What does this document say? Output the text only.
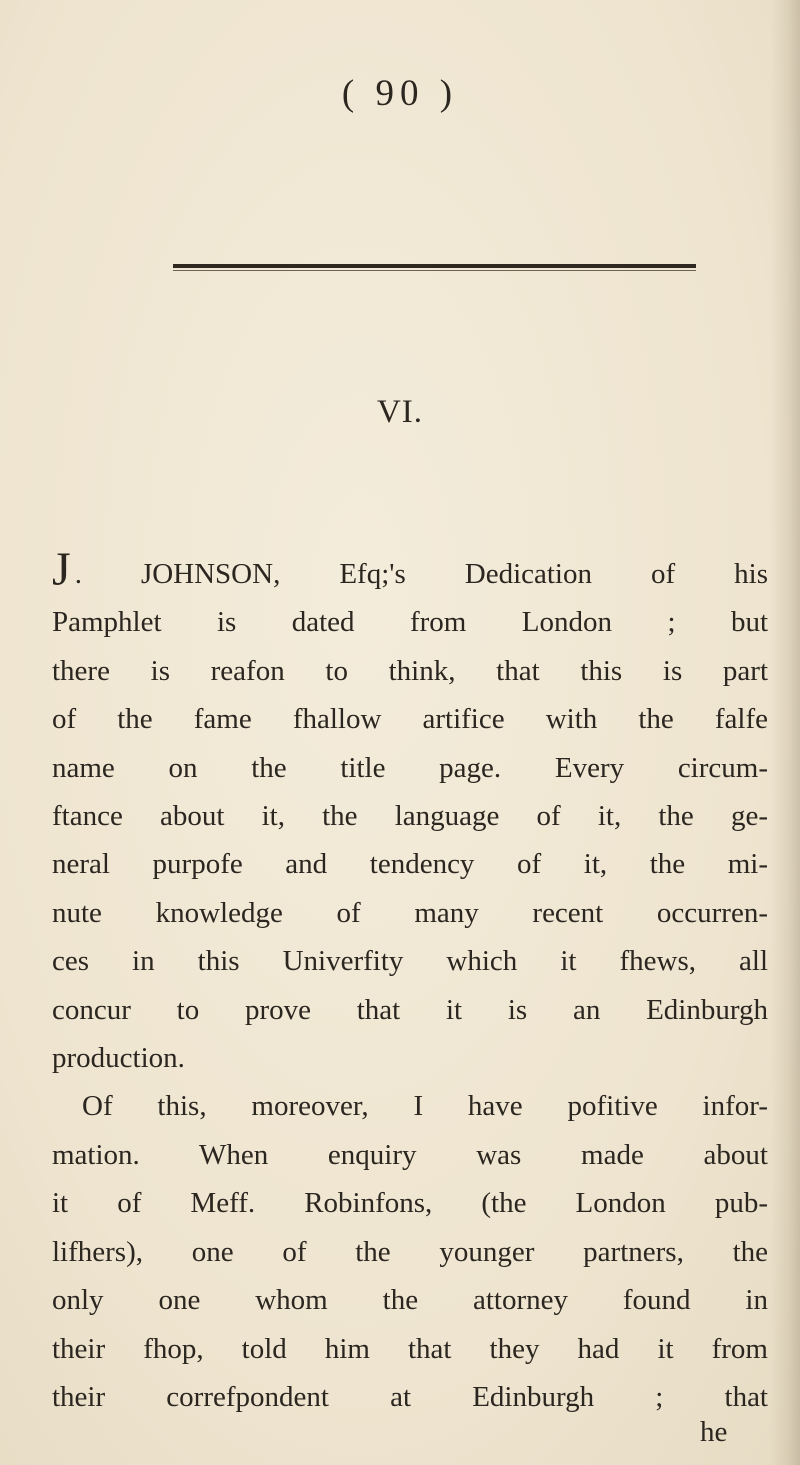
( 90 )
VI.
J . JOHNSON, Efq;'s Dedication of his
Pamphlet is dated from London ; but
there is reafon to think, that this is part
of the fame fhallow artifice with the falfe
name on the title page. Every circum-
ftance about it, the language of it, the ge-
neral purpofe and tendency of it, the mi-
nute knowledge of many recent occurren-
ces in this Univerfity which it fhews, all
concur to prove that it is an Edinburgh
production.
Of this, moreover, I have pofitive infor-
mation. When enquiry was made about
it of Meff. Robinfons, (the London pub-
lifhers), one of the younger partners, the
only one whom the attorney found in
their fhop, told him that they had it from
their correfpondent at Edinburgh ; that
he
